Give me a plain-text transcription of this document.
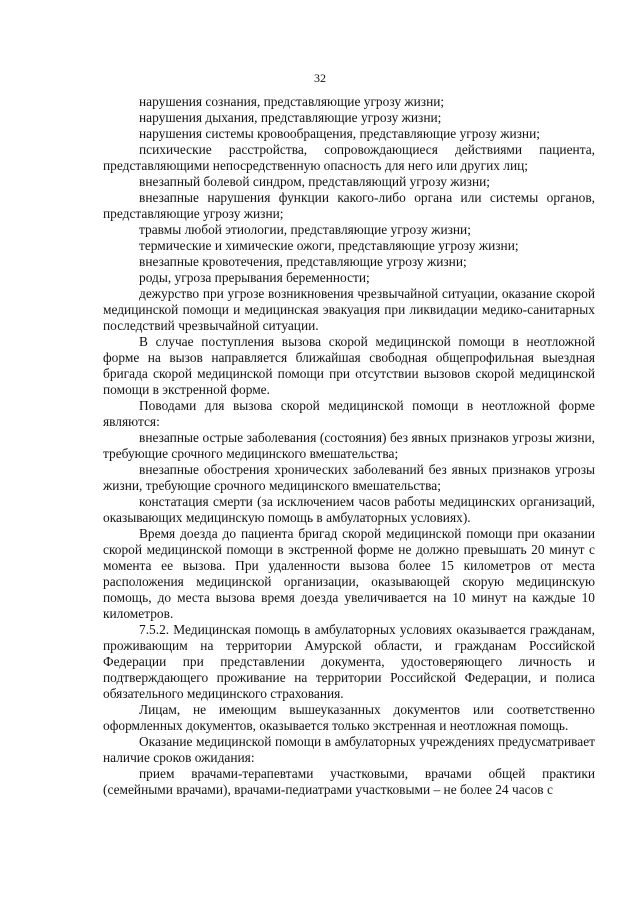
32

нарушения сознания, представляющие угрозу жизни;

нарушения дыхания, представляющие угрозу жизни;

нарушения системы кровообращения, представляющие угрозу жизни;

психические расстройства, сопровождающиеся действиями пациента, представляющими непосредственную опасность для него или других лиц;

внезапный болевой синдром, представляющий угрозу жизни;

внезапные нарушения функции какого-либо органа или системы органов, представляющие угрозу жизни;

травмы любой этиологии, представляющие угрозу жизни;

термические и химические ожоги, представляющие угрозу жизни;

внезапные кровотечения, представляющие угрозу жизни;

роды, угроза прерывания беременности;

дежурство при угрозе возникновения чрезвычайной ситуации, оказание скорой медицинской помощи и медицинская эвакуация при ликвидации медико-санитарных последствий чрезвычайной ситуации.

В случае поступления вызова скорой медицинской помощи в неотложной форме на вызов направляется ближайшая свободная общепрофильная выездная бригада скорой медицинской помощи при отсутствии вызовов скорой медицинской помощи в экстренной форме.

Поводами для вызова скорой медицинской помощи в неотложной форме являются:

внезапные острые заболевания (состояния) без явных признаков угрозы жизни, требующие срочного медицинского вмешательства;

внезапные обострения хронических заболеваний без явных признаков угрозы жизни, требующие срочного медицинского вмешательства;

констатация смерти (за исключением часов работы медицинских организаций, оказывающих медицинскую помощь в амбулаторных условиях).

Время доезда до пациента бригад скорой медицинской помощи при оказании скорой медицинской помощи в экстренной форме не должно превышать 20 минут с момента ее вызова. При удаленности вызова более 15 километров от места расположения медицинской организации, оказывающей скорую медицинскую помощь, до места вызова время доезда увеличивается на 10 минут на каждые 10 километров.

7.5.2. Медицинская помощь в амбулаторных условиях оказывается гражданам, проживающим на территории Амурской области, и гражданам Российской Федерации при представлении документа, удостоверяющего личность и подтверждающего проживание на территории Российской Федерации, и полиса обязательного медицинского страхования.

Лицам, не имеющим вышеуказанных документов или соответственно оформленных документов, оказывается только экстренная и неотложная помощь.

Оказание медицинской помощи в амбулаторных учреждениях предусматривает наличие сроков ожидания:

прием врачами-терапевтами участковыми, врачами общей практики (семейными врачами), врачами-педиатрами участковыми – не более 24 часов с
